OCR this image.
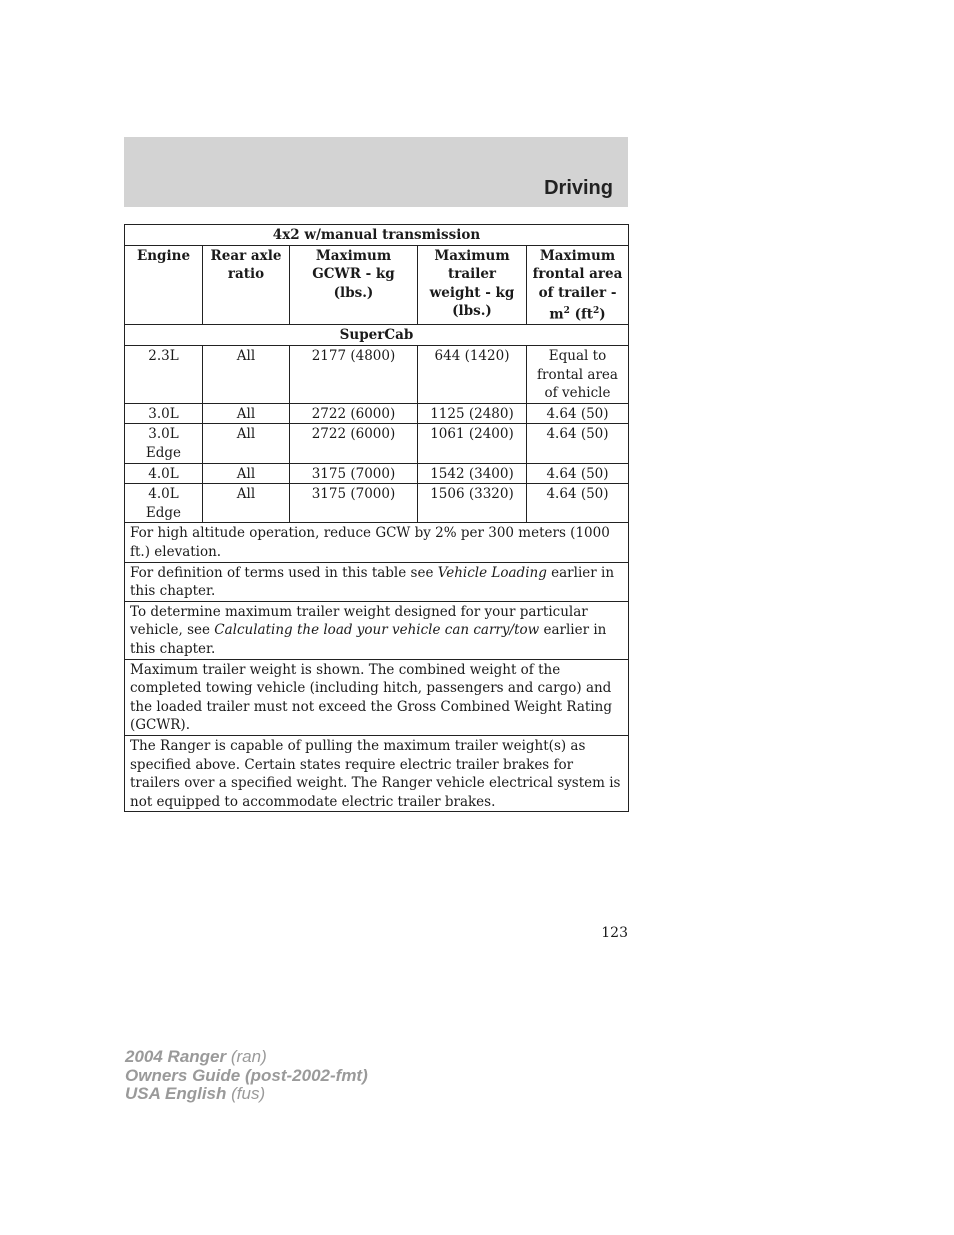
Driving
4x2 w/manual transmission				
Engine	Rear axle ratio	Maximum GCWR - kg (lbs.)	Maximum trailer weight - kg (lbs.)	Maximum frontal area of trailer - $m^2$ $(ft^2)$
SuperCab				
2.3L	All	2177 (4800)	644 (1420)	Equal to frontal area of vehicle
3.0L	All	2722 (6000)	1125 (2480)	4.64 (50)
3.0L Edge	All	2722 (6000)	1061 (2400)	4.64 (50)
4.0L	All	3175 (7000)	1542 (3400)	4.64 (50)
4.0L Edge	All	3175 (7000)	1506 (3320)	4.64 (50)
For high altitude operation, reduce GCW by 2% per 300 meters (1000 ft.) elevation.				
For definition of terms used in this table see Vehicle Loading earlier in this chapter.				
To determine maximum trailer weight designed for your particular vehicle, see Calculating the load your vehicle can carry/tow earlier in this chapter.				
Maximum trailer weight is shown. The combined weight of the completed towing vehicle (including hitch, passengers and cargo) and the loaded trailer must not exceed the Gross Combined Weight Rating (GCWR).				
The Ranger is capable of pulling the maximum trailer weight(s) as specified above. Certain states require electric trailer brakes for trailers over a specified weight. The Ranger vehicle electrical system is not equipped to accommodate electric trailer brakes.				
123
2004 Ranger (ran)
Owners Guide (post-2002-fmt)
USA English (fus)
